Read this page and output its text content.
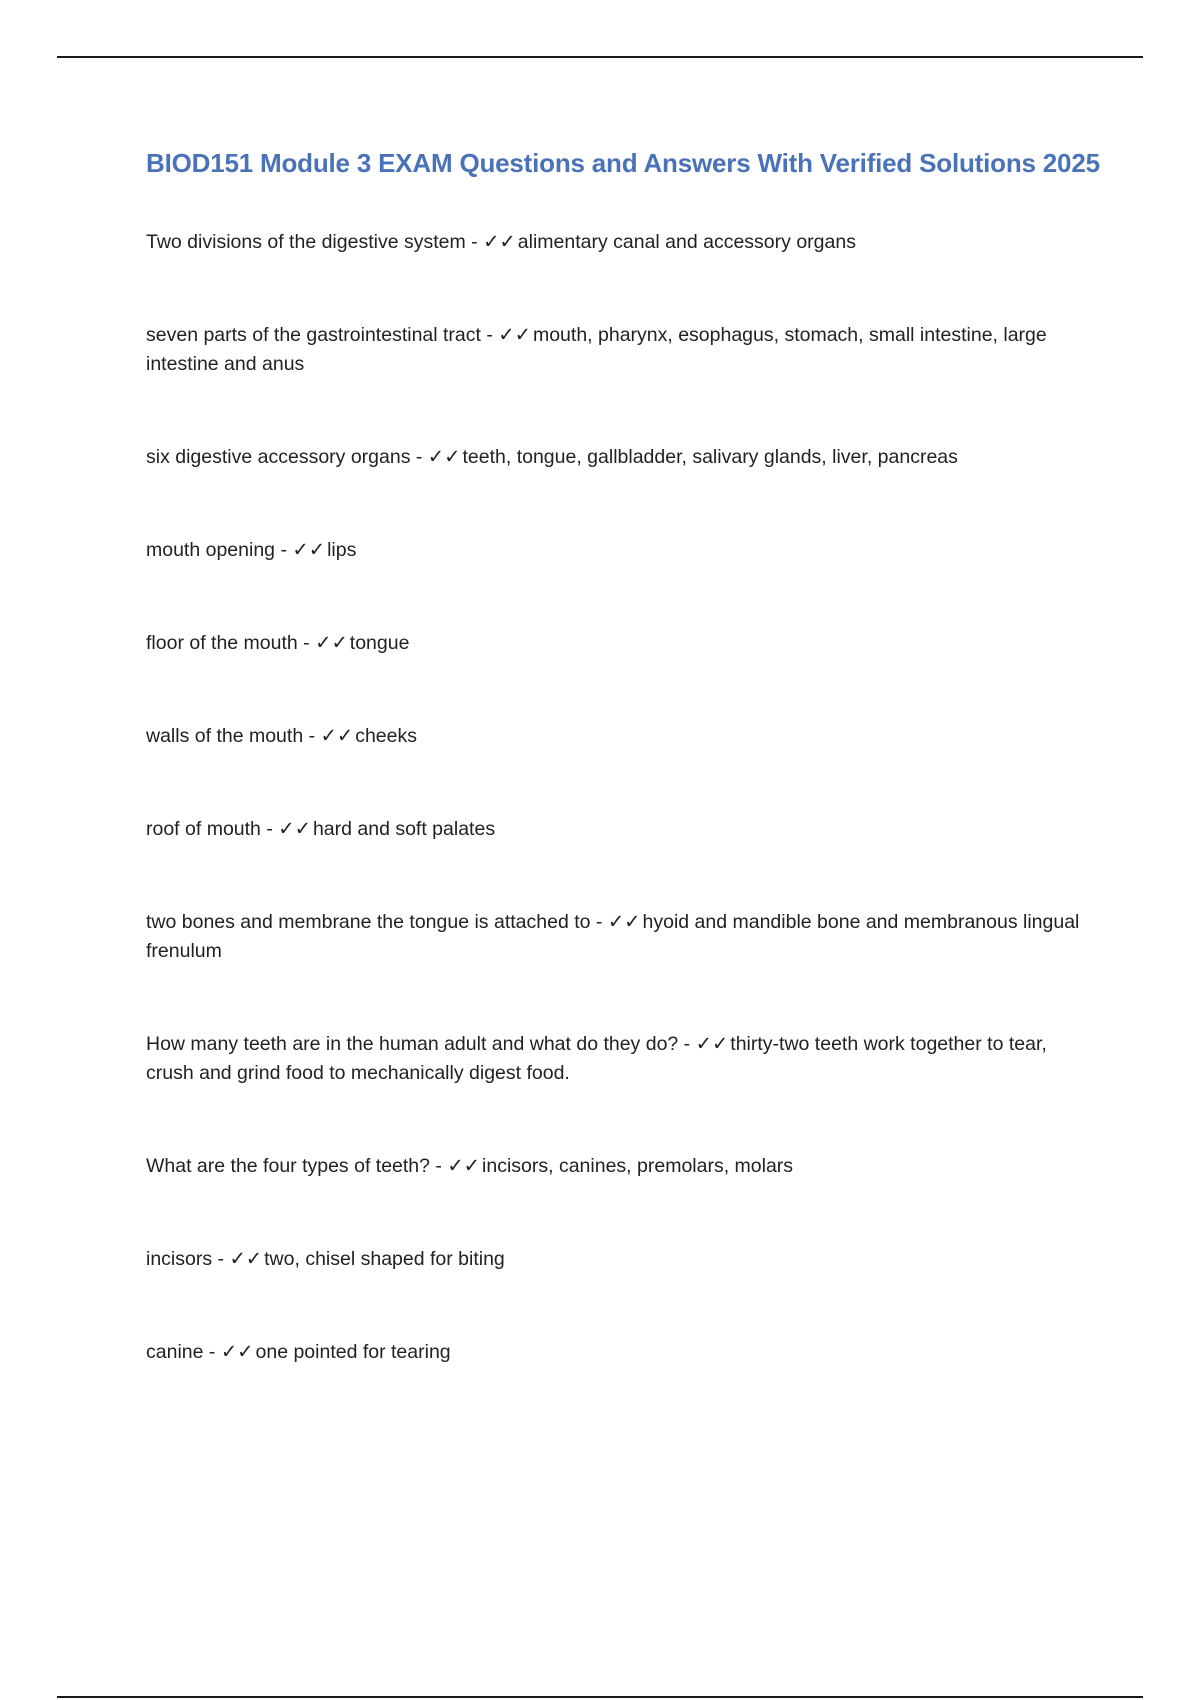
BIOD151 Module 3 EXAM Questions and Answers With Verified Solutions 2025

Two divisions of the digestive system - ✓✓ alimentary canal and accessory organs

seven parts of the gastrointestinal tract - ✓✓ mouth, pharynx, esophagus, stomach, small intestine, large intestine and anus

six digestive accessory organs - ✓✓ teeth, tongue, gallbladder, salivary glands, liver, pancreas

mouth opening - ✓✓ lips

floor of the mouth - ✓✓ tongue

walls of the mouth - ✓✓ cheeks

roof of mouth - ✓✓ hard and soft palates

two bones and membrane the tongue is attached to - ✓✓ hyoid and mandible bone and membranous lingual frenulum

How many teeth are in the human adult and what do they do? - ✓✓ thirty-two teeth work together to tear, crush and grind food to mechanically digest food.

What are the four types of teeth? - ✓✓ incisors, canines, premolars, molars

incisors - ✓✓ two, chisel shaped for biting

canine - ✓✓ one pointed for tearing
